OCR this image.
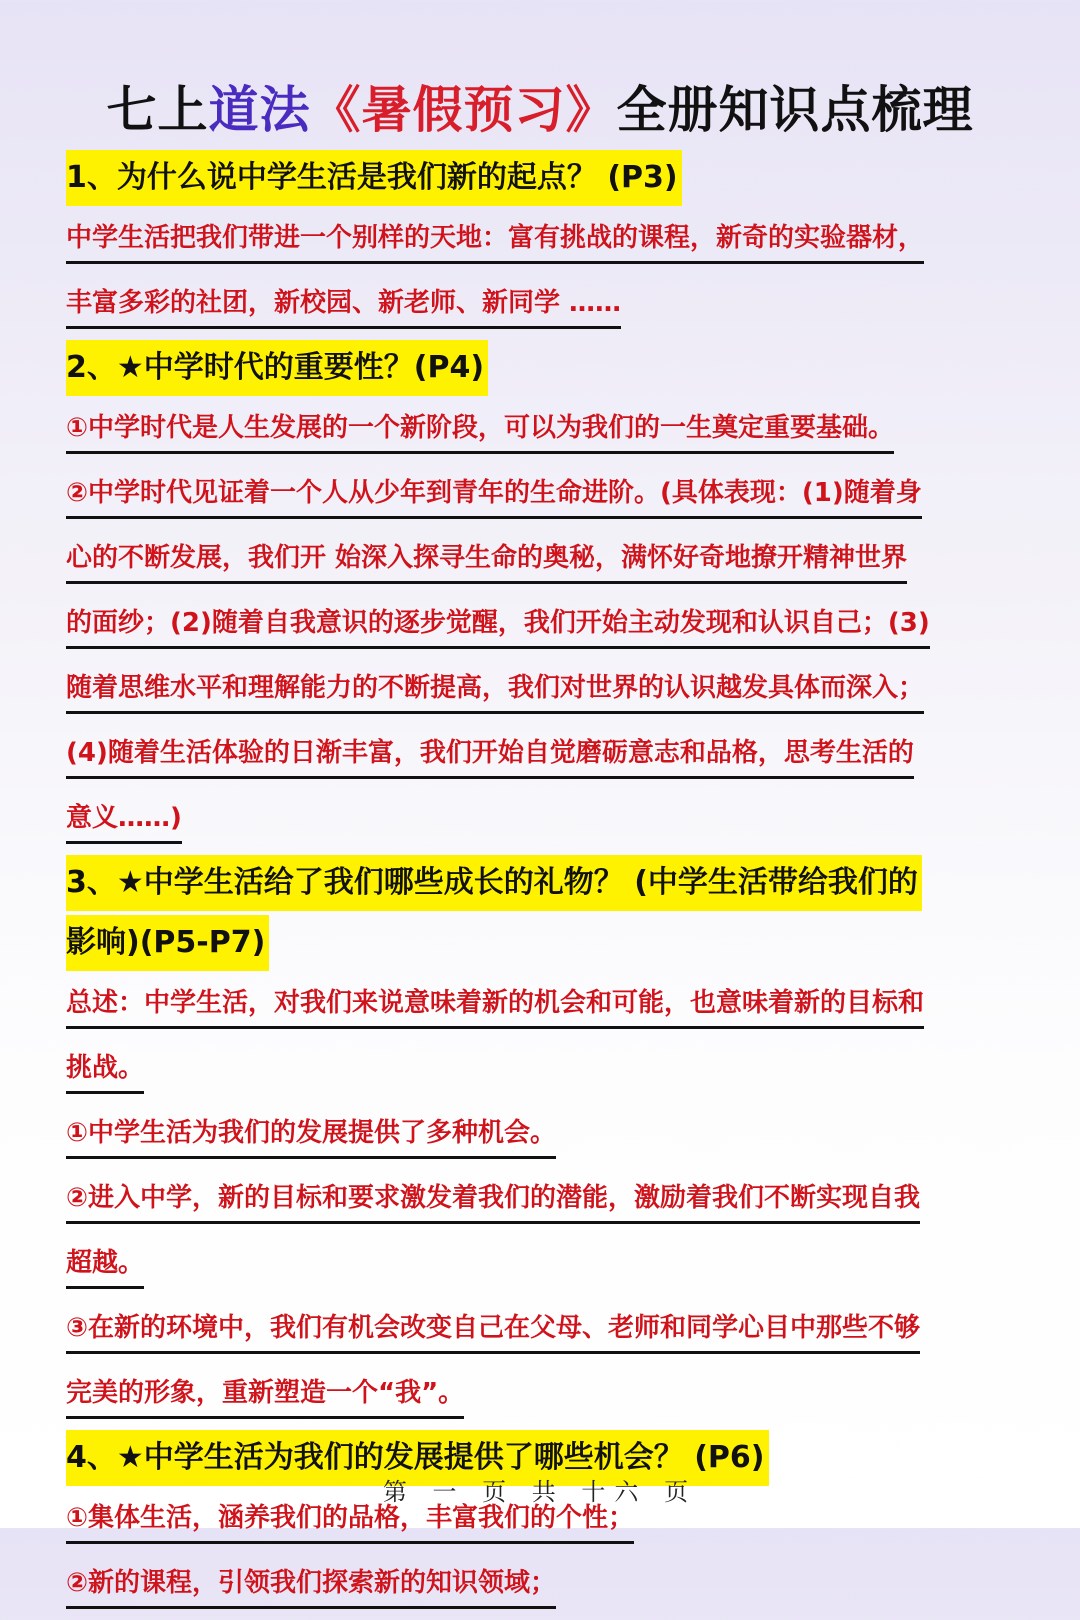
七上道法《暑假预习》全册知识点梳理
1、为什么说中学生活是我们新的起点？ (P3)
中学生活把我们带进一个别样的天地：富有挑战的课程，新奇的实验器材，
丰富多彩的社团，新校园、新老师、新同学 ……
2、★中学时代的重要性？(P4)
①中学时代是人生发展的一个新阶段，可以为我们的一生奠定重要基础。
②中学时代见证着一个人从少年到青年的生命进阶。(具体表现：(1)随着身
心的不断发展，我们开 始深入探寻生命的奥秘，满怀好奇地撩开精神世界
的面纱；(2)随着自我意识的逐步觉醒，我们开始主动发现和认识自己；(3)
随着思维水平和理解能力的不断提高，我们对世界的认识越发具体而深入；
(4)随着生活体验的日渐丰富，我们开始自觉磨砺意志和品格，思考生活的
意义……)
3、★中学生活给了我们哪些成长的礼物？ (中学生活带给我们的
影响)(P5-P7)
总述：中学生活，对我们来说意味着新的机会和可能，也意味着新的目标和
挑战。
①中学生活为我们的发展提供了多种机会。
②进入中学，新的目标和要求激发着我们的潜能，激励着我们不断实现自我
超越。
③在新的环境中，我们有机会改变自己在父母、老师和同学心目中那些不够
完美的形象，重新塑造一个“我”。
4、★中学生活为我们的发展提供了哪些机会？ (P6)
①集体生活，涵养我们的品格，丰富我们的个性；
②新的课程，引领我们探索新的知识领域；
第 一 页 共 十六 页
